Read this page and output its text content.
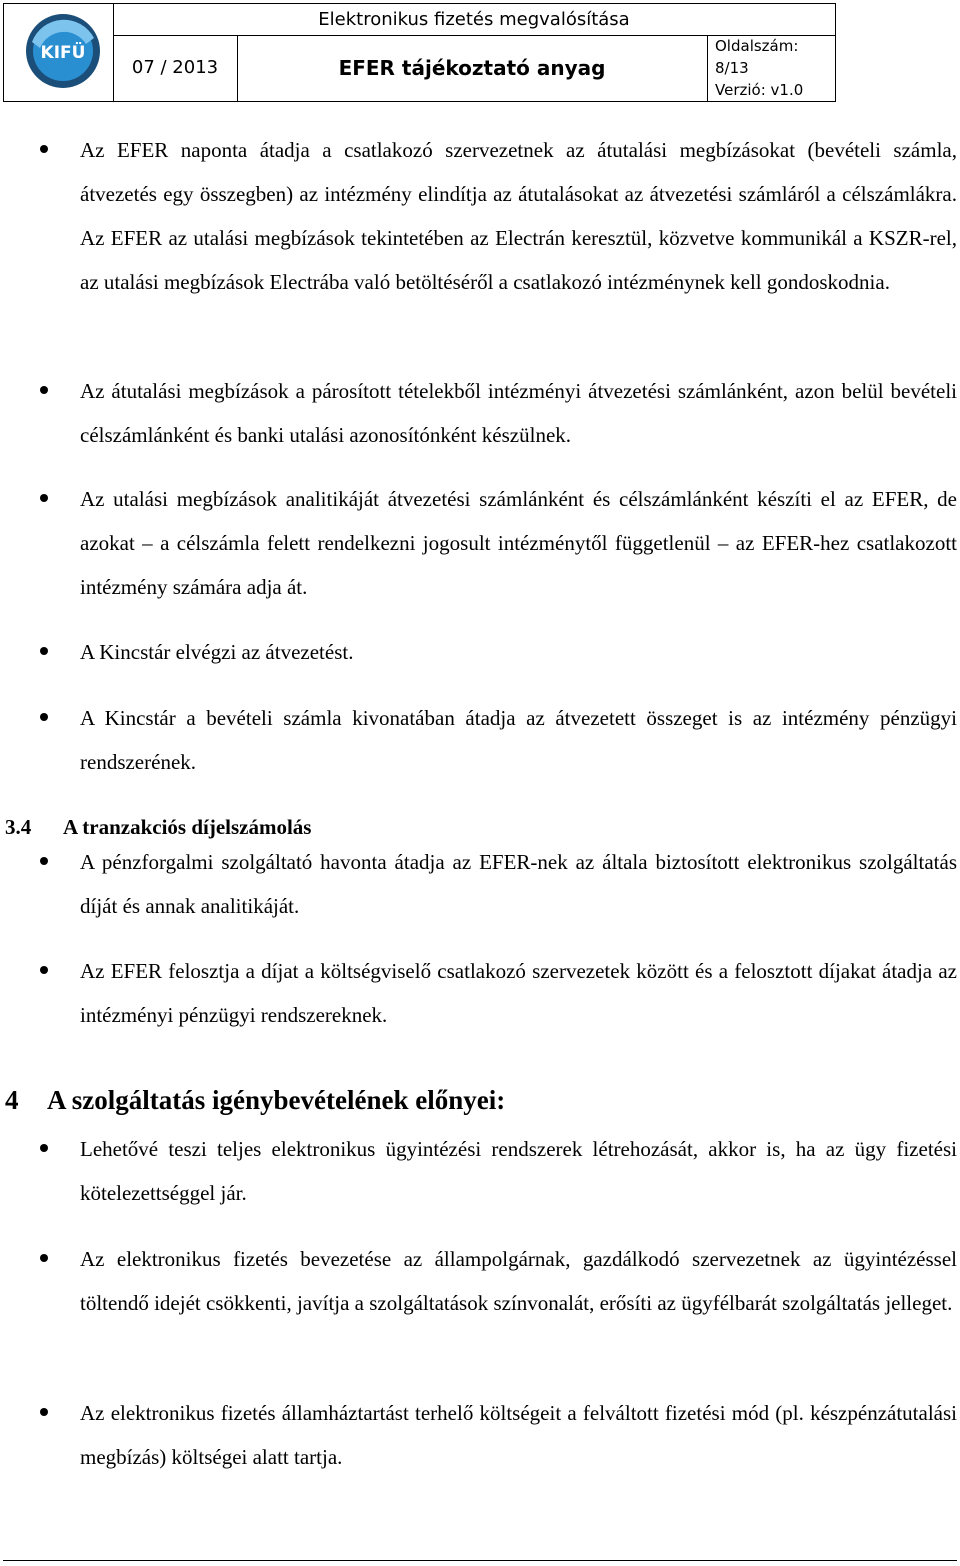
KIFÜ
Elektronikus fizetés megvalósítása
07 / 2013	EFER tájékoztató anyag
Oldalszám:
8/13
Verzió: v1.0

Az EFER naponta átadja a csatlakozó szervezetnek az átutalási megbízásokat (bevételi számla, átvezetés egy összegben) az intézmény elindítja az átutalásokat az átvezetési számláról a célszámlákra. Az EFER az utalási megbízások tekintetében az Electrán keresztül, közvetve kommunikál a KSZR-rel, az utalási megbízások Electrába való betöltéséről a csatlakozó intézménynek kell gondoskodnia.

Az átutalási megbízások a párosított tételekből intézményi átvezetési számlánként, azon belül bevételi célszámlánként és banki utalási azonosítónként készülnek.

Az utalási megbízások analitikáját átvezetési számlánként és célszámlánként készíti el az EFER, de azokat – a célszámla felett rendelkezni jogosult intézménytől függetlenül – az EFER-hez csatlakozott intézmény számára adja át.

A Kincstár elvégzi az átvezetést.

A Kincstár a bevételi számla kivonatában átadja az átvezetett összeget is az intézmény pénzügyi rendszerének.

3.4 A tranzakciós díjelszámolás

A pénzforgalmi szolgáltató havonta átadja az EFER-nek az általa biztosított elektronikus szolgáltatás díját és annak analitikáját.

Az EFER felosztja a díjat a költségviselő csatlakozó szervezetek között és a felosztott díjakat átadja az intézményi pénzügyi rendszereknek.

4 A szolgáltatás igénybevételének előnyei:

Lehetővé teszi teljes elektronikus ügyintézési rendszerek létrehozását, akkor is, ha az ügy fizetési kötelezettséggel jár.

Az elektronikus fizetés bevezetése az állampolgárnak, gazdálkodó szervezetnek az ügyintézéssel töltendő idejét csökkenti, javítja a szolgáltatások színvonalát, erősíti az ügyfélbarát szolgáltatás jelleget.

Az elektronikus fizetés államháztartást terhelő költségeit a felváltott fizetési mód (pl. készpénzátutalási megbízás) költségei alatt tartja.
